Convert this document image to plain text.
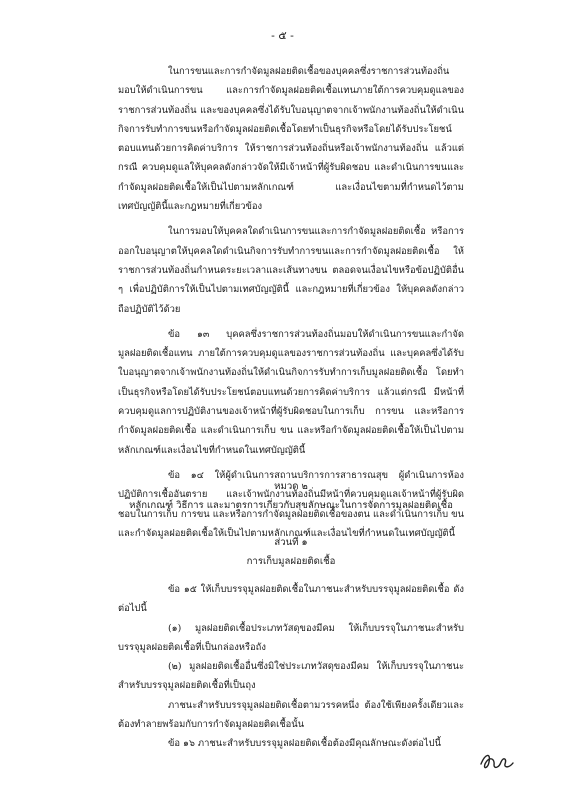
- ๕ -

ในการขนและการกำจัดมูลฝอยติดเชื้อของบุคคลซึ่งราชการส่วนท้องถิ่นมอบให้ดำเนินการขน และการกำจัดมูลฝอยติดเชื้อแทนภายใต้การควบคุมดูแลของราชการส่วนท้องถิ่น และของบุคคลซึ่งได้รับใบอนุญาตจากเจ้าพนักงานท้องถิ่นให้ดำเนินกิจการรับทำการขนหรือกำจัดมูลฝอยติดเชื้อโดยทำเป็นธุรกิจหรือโดยได้รับประโยชน์ตอบแทนด้วยการคิดค่าบริการ ให้ราชการส่วนท้องถิ่นหรือเจ้าพนักงานท้องถิ่น แล้วแต่กรณี ควบคุมดูแลให้บุคคลดังกล่าวจัดให้มีเจ้าหน้าที่ผู้รับผิดชอบ และดำเนินการขนและกำจัดมูลฝอยติดเชื้อให้เป็นไปตามหลักเกณฑ์ และเงื่อนไขตามที่กำหนดไว้ตามเทศบัญญัตินี้และกฎหมายที่เกี่ยวข้อง

ในการมอบให้บุคคลใดดำเนินการขนและการกำจัดมูลฝอยติดเชื้อ หรือการออกใบอนุญาตให้บุคคลใดดำเนินกิจการรับทำการขนและการกำจัดมูลฝอยติดเชื้อ ให้ราชการส่วนท้องถิ่นกำหนดระยะเวลาและเส้นทางขน ตลอดจนเงื่อนไขหรือข้อปฏิบัติอื่น ๆ เพื่อปฏิบัติการให้เป็นไปตามเทศบัญญัตินี้ และกฎหมายที่เกี่ยวข้อง ให้บุคคลดังกล่าวถือปฏิบัติไว้ด้วย

ข้อ ๑๓ บุคคลซึ่งราชการส่วนท้องถิ่นมอบให้ดำเนินการขนและกำจัดมูลฝอยติดเชื้อแทน ภายใต้การควบคุมดูแลของราชการส่วนท้องถิ่น และบุคคลซึ่งได้รับใบอนุญาตจากเจ้าพนักงานท้องถิ่นให้ดำเนินกิจการรับทำการเก็บมูลฝอยติดเชื้อ โดยทำเป็นธุรกิจหรือโดยได้รับประโยชน์ตอบแทนด้วยการคิดค่าบริการ แล้วแต่กรณี มีหน้าที่ควบคุมดูแลการปฏิบัติงานของเจ้าหน้าที่ผู้รับผิดชอบในการเก็บ การขน และหรือการกำจัดมูลฝอยติดเชื้อ และดำเนินการเก็บ ขน และหรือกำจัดมูลฝอยติดเชื้อให้เป็นไปตามหลักเกณฑ์และเงื่อนไขที่กำหนดในเทศบัญญัตินี้

ข้อ ๑๔ ให้ผู้ดำเนินการสถานบริการการสาธารณสุข ผู้ดำเนินการห้องปฏิบัติการเชื้ออันตราย และเจ้าพนักงานท้องถิ่นมีหน้าที่ควบคุมดูแลเจ้าหน้าที่ผู้รับผิดชอบในการเก็บ การขน และหรือการกำจัดมูลฝอยติดเชื้อของตน และดำเนินการเก็บ ขน และกำจัดมูลฝอยติดเชื้อให้เป็นไปตามหลักเกณฑ์และเงื่อนไขที่กำหนดในเทศบัญญัตินี้

หมวด ๒
หลักเกณฑ์ วิธีการ และมาตรการเกี่ยวกับสุขลักษณะในการจัดการมูลฝอยติดเชื้อ
ส่วนที่ ๑
การเก็บมูลฝอยติดเชื้อ

ข้อ ๑๕ ให้เก็บบรรจุมูลฝอยติดเชื้อในภาชนะสำหรับบรรจุมูลฝอยติดเชื้อ ดังต่อไปนี้

(๑) มูลฝอยติดเชื้อประเภทวัสดุของมีคม ให้เก็บบรรจุในภาชนะสำหรับบรรจุมูลฝอยติดเชื้อที่เป็นกล่องหรือถัง

(๒) มูลฝอยติดเชื้ออื่นซึ่งมิใช่ประเภทวัสดุของมีคม ให้เก็บบรรจุในภาชนะสำหรับบรรจุมูลฝอยติดเชื้อที่เป็นถุง

ภาชนะสำหรับบรรจุมูลฝอยติดเชื้อตามวรรคหนึ่ง ต้องใช้เพียงครั้งเดียวและต้องทำลายพร้อมกับการกำจัดมูลฝอยติดเชื้อนั้น

ข้อ ๑๖ ภาชนะสำหรับบรรจุมูลฝอยติดเชื้อต้องมีคุณลักษณะดังต่อไปนี้
